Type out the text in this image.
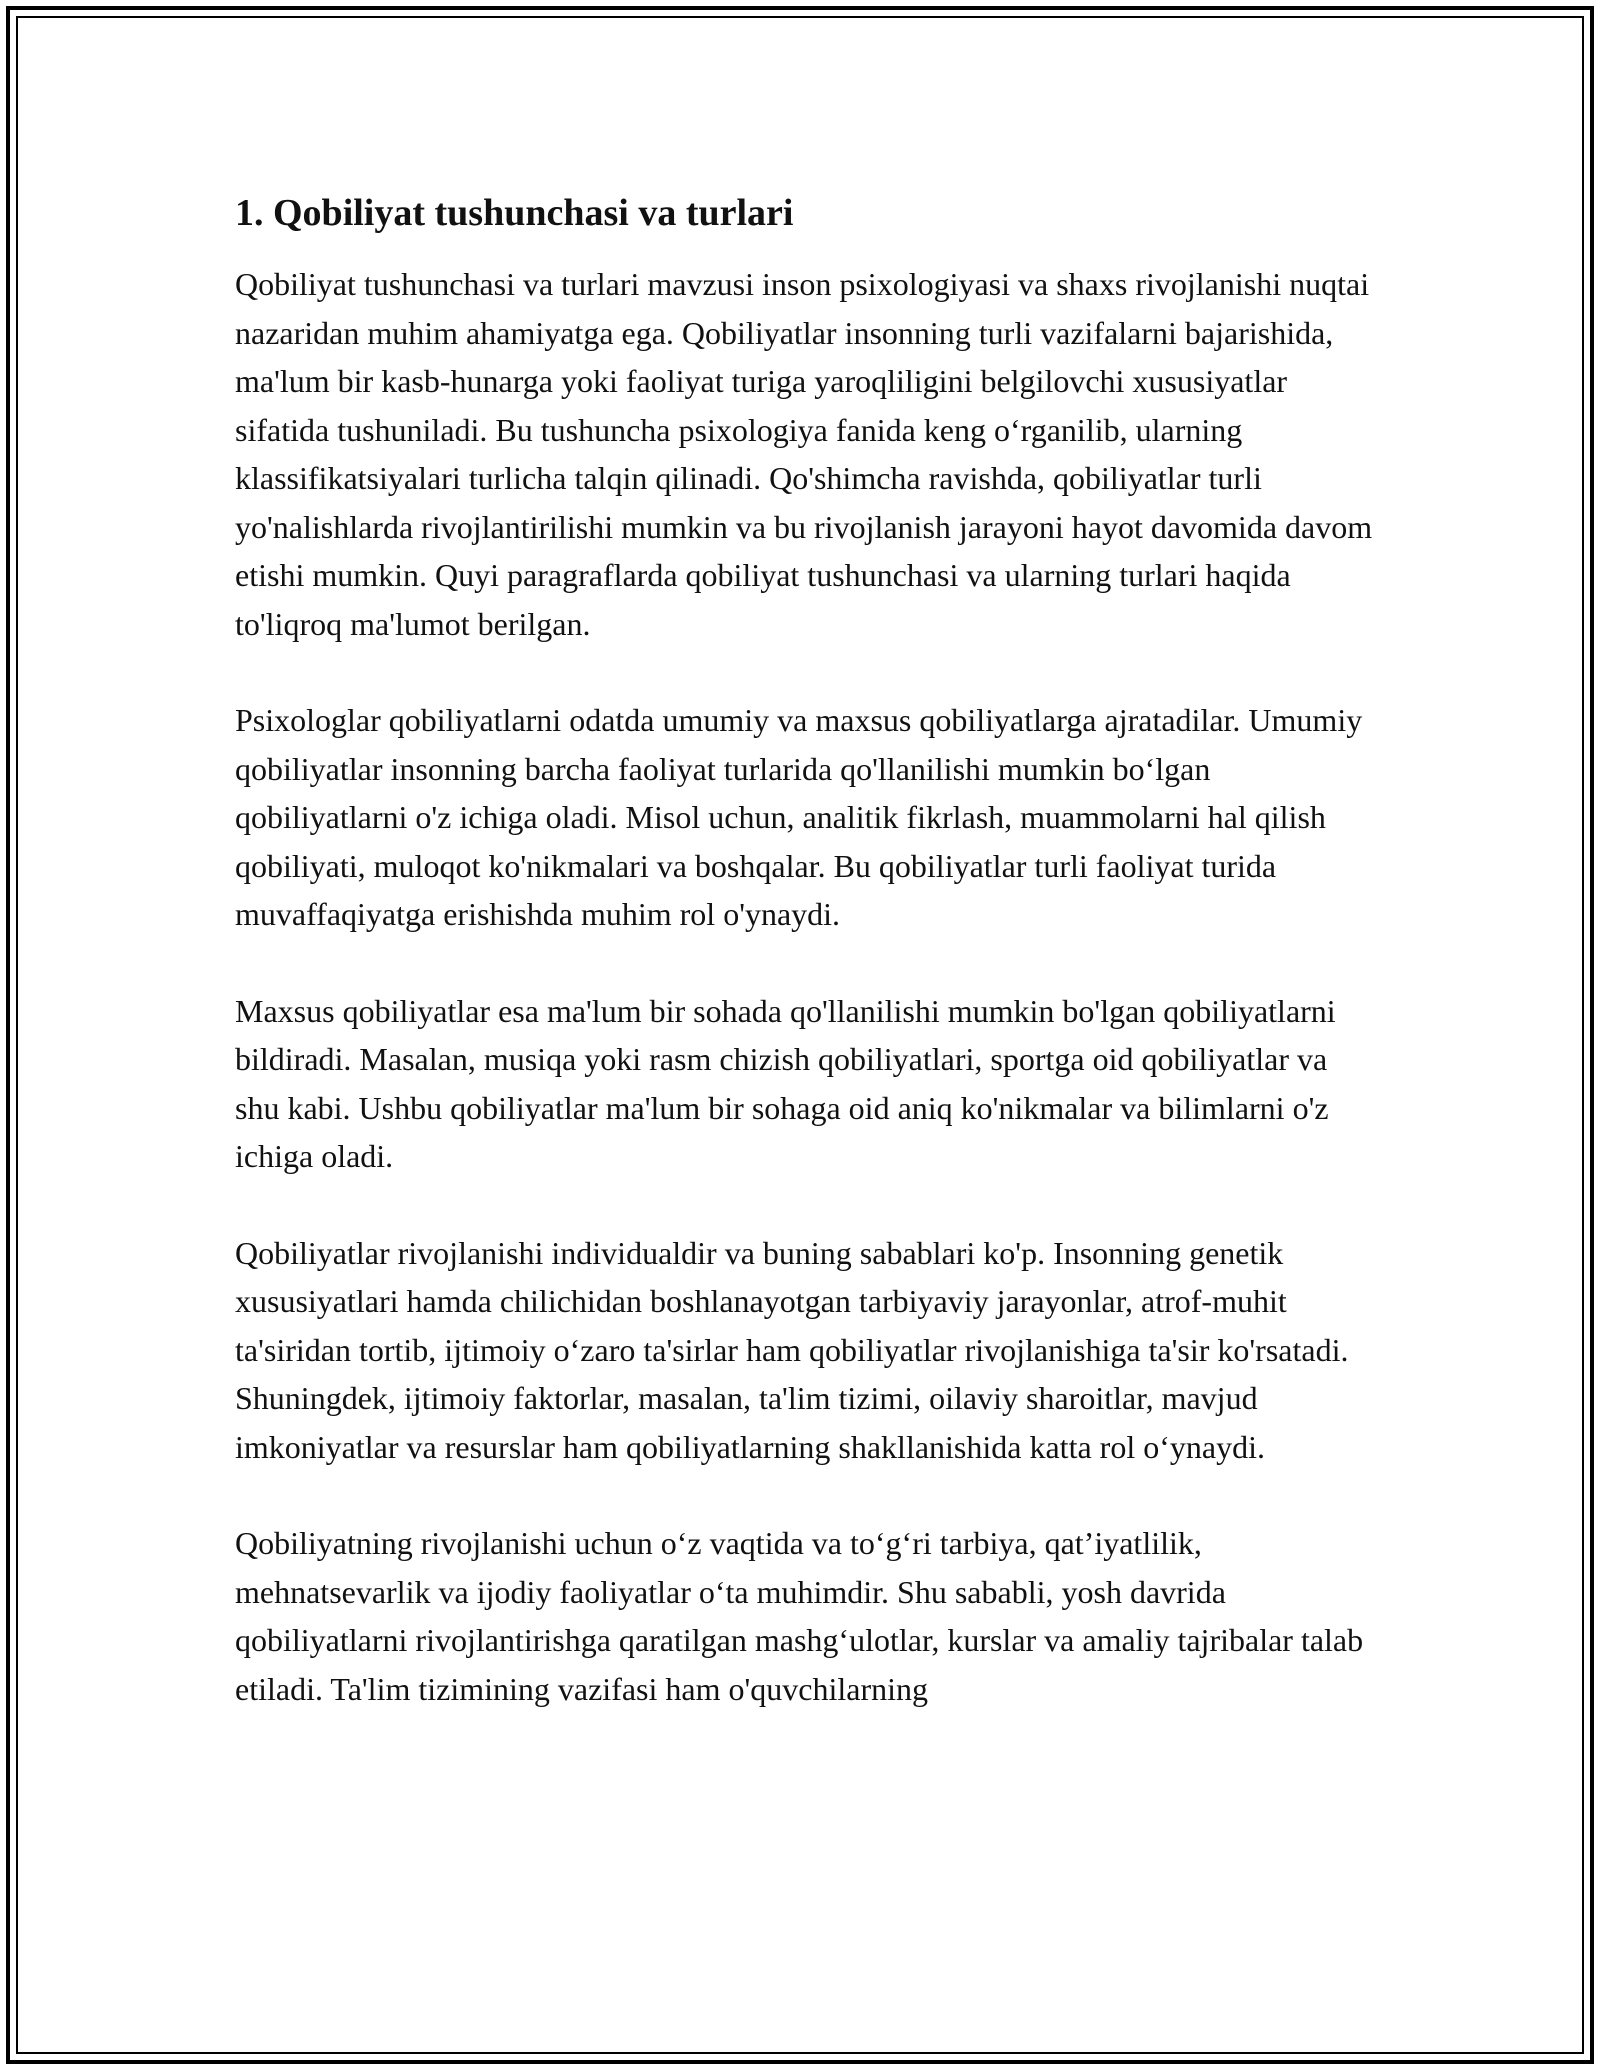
1. Qobiliyat tushunchasi va turlari

Qobiliyat tushunchasi va turlari mavzusi inson psixologiyasi va shaxs rivojlanishi nuqtai nazaridan muhim ahamiyatga ega. Qobiliyatlar insonning turli vazifalarni bajarishida, ma'lum bir kasb-hunarga yoki faoliyat turiga yaroqliligini belgilovchi xususiyatlar sifatida tushuniladi. Bu tushuncha psixologiya fanida keng o‘rganilib, ularning klassifikatsiyalari turlicha talqin qilinadi. Qo'shimcha ravishda, qobiliyatlar turli yo'nalishlarda rivojlantirilishi mumkin va bu rivojlanish jarayoni hayot davomida davom etishi mumkin. Quyi paragraflarda qobiliyat tushunchasi va ularning turlari haqida to'liqroq ma'lumot berilgan.

Psixologlar qobiliyatlarni odatda umumiy va maxsus qobiliyatlarga ajratadilar. Umumiy qobiliyatlar insonning barcha faoliyat turlarida qo'llanilishi mumkin bo‘lgan qobiliyatlarni o'z ichiga oladi. Misol uchun, analitik fikrlash, muammolarni hal qilish qobiliyati, muloqot ko'nikmalari va boshqalar. Bu qobiliyatlar turli faoliyat turida muvaffaqiyatga erishishda muhim rol o'ynaydi.

Maxsus qobiliyatlar esa ma'lum bir sohada qo'llanilishi mumkin bo'lgan qobiliyatlarni bildiradi. Masalan, musiqa yoki rasm chizish qobiliyatlari, sportga oid qobiliyatlar va shu kabi. Ushbu qobiliyatlar ma'lum bir sohaga oid aniq ko'nikmalar va bilimlarni o'z ichiga oladi.

Qobiliyatlar rivojlanishi individualdir va buning sabablari ko'p. Insonning genetik xususiyatlari hamda chilichidan boshlanayotgan tarbiyaviy jarayonlar, atrof-muhit ta'siridan tortib, ijtimoiy o‘zaro ta'sirlar ham qobiliyatlar rivojlanishiga ta'sir ko'rsatadi. Shuningdek, ijtimoiy faktorlar, masalan, ta'lim tizimi, oilaviy sharoitlar, mavjud imkoniyatlar va resurslar ham qobiliyatlarning shakllanishida katta rol o‘ynaydi.

Qobiliyatning rivojlanishi uchun o‘z vaqtida va to‘g‘ri tarbiya, qat’iyatlilik, mehnatsevarlik va ijodiy faoliyatlar o‘ta muhimdir. Shu sababli, yosh davrida qobiliyatlarni rivojlantirishga qaratilgan mashg‘ulotlar, kurslar va amaliy tajribalar talab etiladi. Ta'lim tizimining vazifasi ham o'quvchilarning
